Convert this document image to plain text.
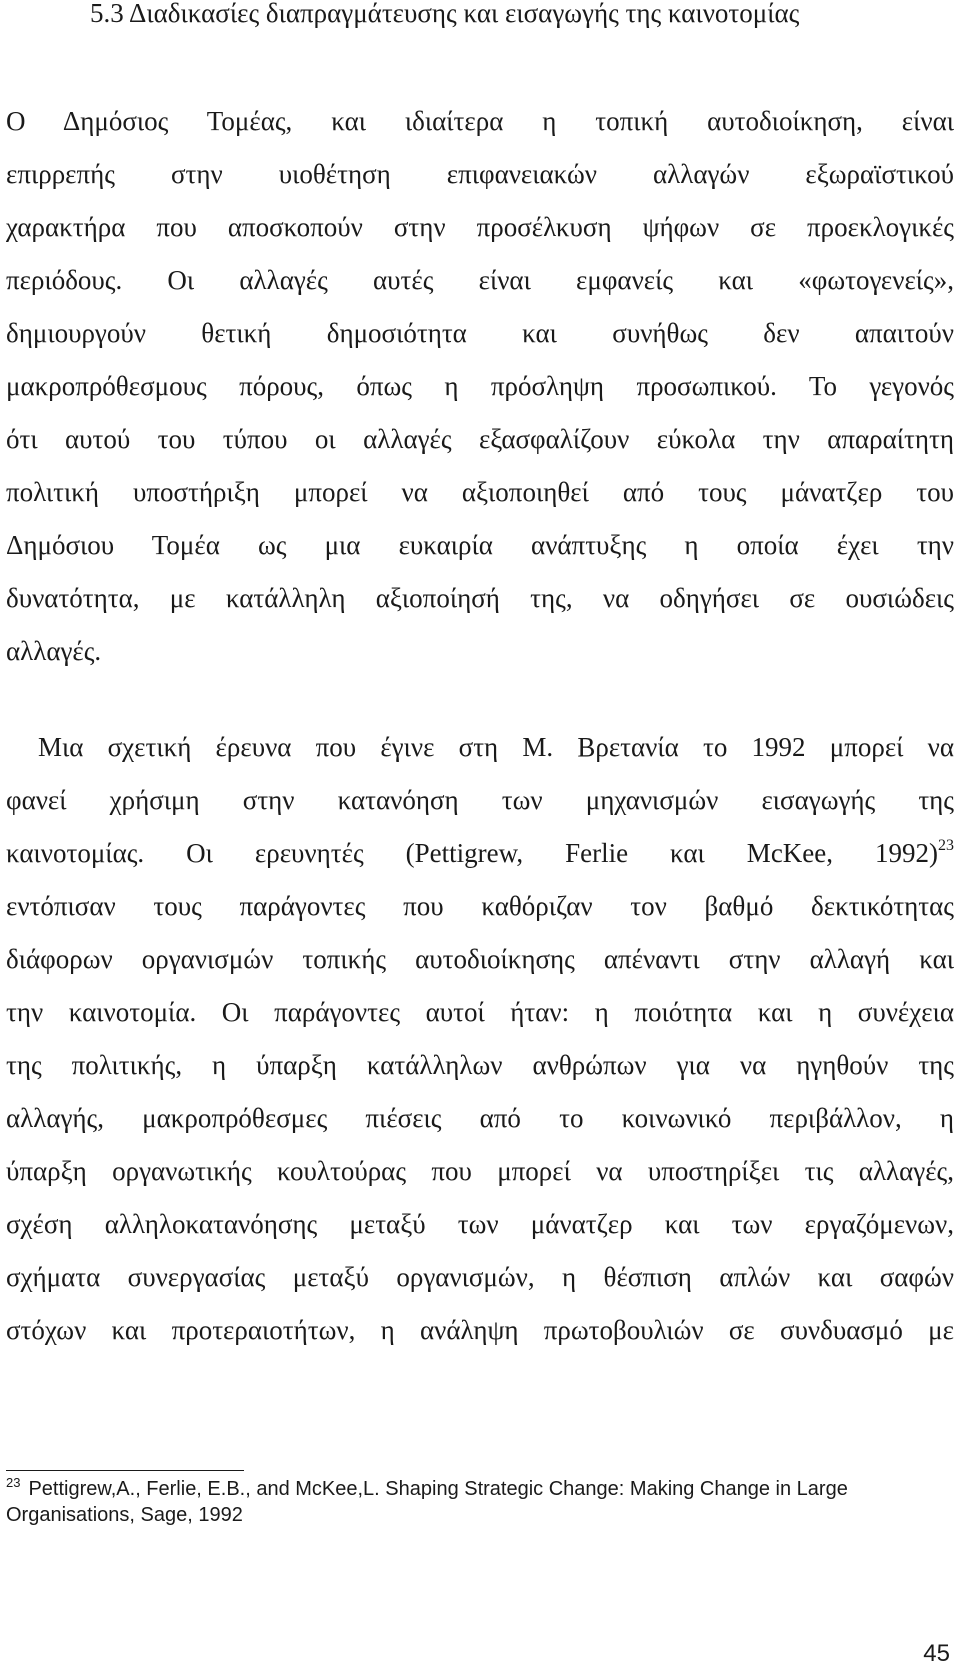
5.3 Διαδικασίες διαπραγμάτευσης και εισαγωγής της καινοτομίας
Ο Δημόσιος Τομέας, και ιδιαίτερα η τοπική αυτοδιοίκηση, είναι
επιρρεπής στην υιοθέτηση επιφανειακών αλλαγών εξωραϊστικού
χαρακτήρα που αποσκοπούν στην προσέλκυση ψήφων σε προεκλογικές
περιόδους. Οι αλλαγές αυτές είναι εμφανείς και «φωτογενείς»,
δημιουργούν θετική δημοσιότητα και συνήθως δεν απαιτούν
μακροπρόθεσμους πόρους, όπως η πρόσληψη προσωπικού. Το γεγονός
ότι αυτού του τύπου οι αλλαγές εξασφαλίζουν εύκολα την απαραίτητη
πολιτική υποστήριξη μπορεί να αξιοποιηθεί από τους μάνατζερ του
Δημόσιου Τομέα ως μια ευκαιρία ανάπτυξης η οποία έχει την
δυνατότητα, με κατάλληλη αξιοποίησή της, να οδηγήσει σε ουσιώδεις
αλλαγές.
Μια σχετική έρευνα που έγινε στη Μ. Βρετανία το 1992 μπορεί να
φανεί χρήσιμη στην κατανόηση των μηχανισμών εισαγωγής της
καινοτομίας. Οι ερευνητές (Pettigrew, Ferlie και McKee, 1992)$^{23}$
εντόπισαν τους παράγοντες που καθόριζαν τον βαθμό δεκτικότητας
διάφορων οργανισμών τοπικής αυτοδιοίκησης απέναντι στην αλλαγή και
την καινοτομία. Οι παράγοντες αυτοί ήταν: η ποιότητα και η συνέχεια
της πολιτικής, η ύπαρξη κατάλληλων ανθρώπων για να ηγηθούν της
αλλαγής, μακροπρόθεσμες πιέσεις από το κοινωνικό περιβάλλον, η
ύπαρξη οργανωτικής κουλτούρας που μπορεί να υποστηρίξει τις αλλαγές,
σχέση αλληλοκατανόησης μεταξύ των μάνατζερ και των εργαζόμενων,
σχήματα συνεργασίας μεταξύ οργανισμών, η θέσπιση απλών και σαφών
στόχων και προτεραιοτήτων, η ανάληψη πρωτοβουλιών σε συνδυασμό με
$^{23}$ Pettigrew,A., Ferlie, E.B., and McKee,L. Shaping Strategic Change: Making Change in Large Organisations, Sage, 1992
45
